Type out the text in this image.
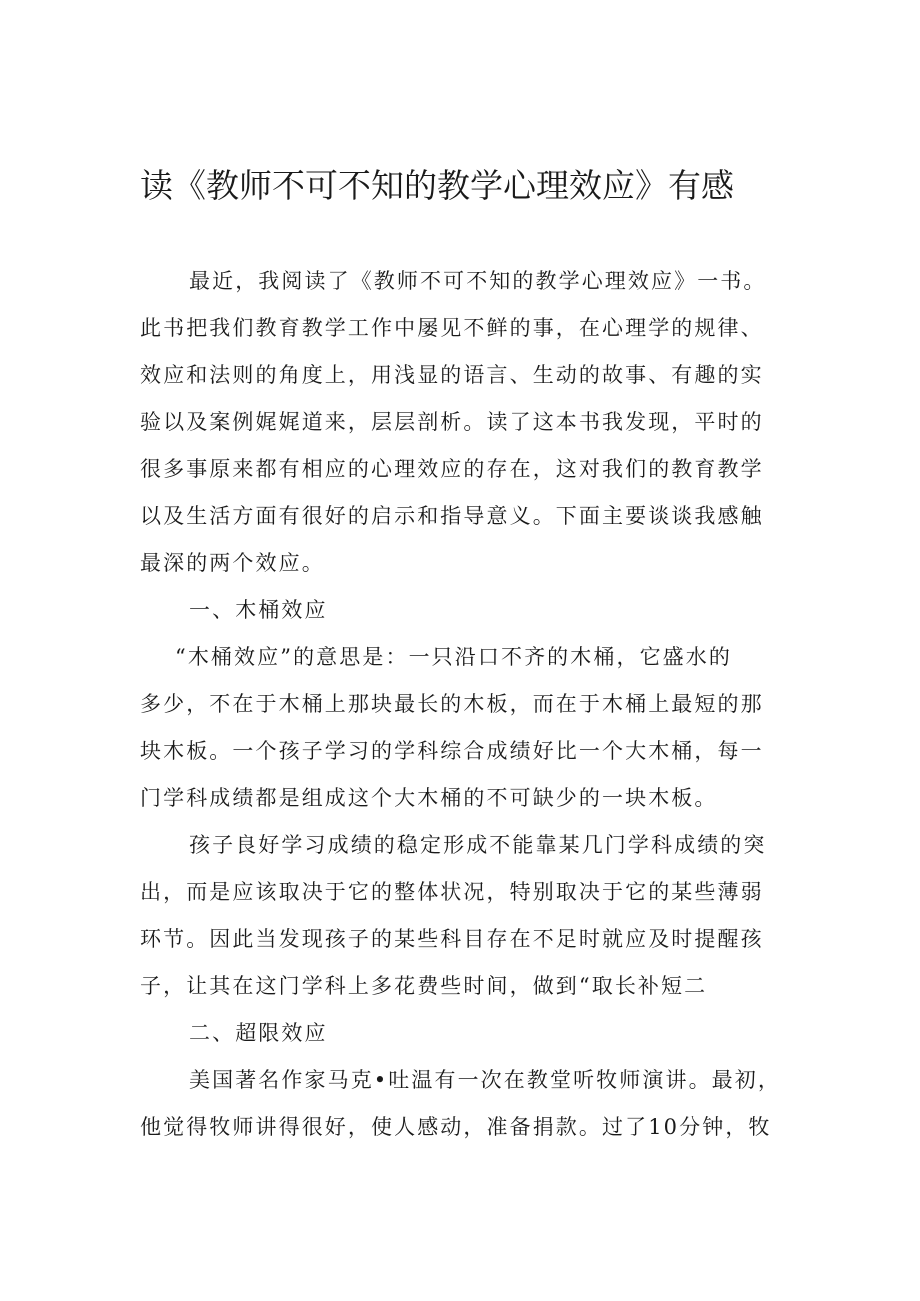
读《教师不可不知的教学心理效应》有感
最近，我阅读了《教师不可不知的教学心理效应》一书。
此书把我们教育教学工作中屡见不鲜的事，在心理学的规律、
效应和法则的角度上，用浅显的语言、生动的故事、有趣的实
验以及案例娓娓道来，层层剖析。读了这本书我发现，平时的
很多事原来都有相应的心理效应的存在，这对我们的教育教学
以及生活方面有很好的启示和指导意义。下面主要谈谈我感触
最深的两个效应。
一、木桶效应
“木桶效应”的意思是：一只沿口不齐的木桶，它盛水的
多少，不在于木桶上那块最长的木板，而在于木桶上最短的那
块木板。一个孩子学习的学科综合成绩好比一个大木桶，每一
门学科成绩都是组成这个大木桶的不可缺少的一块木板。
孩子良好学习成绩的稳定形成不能靠某几门学科成绩的突
出，而是应该取决于它的整体状况，特别取决于它的某些薄弱
环节。因此当发现孩子的某些科目存在不足时就应及时提醒孩
子，让其在这门学科上多花费些时间，做到“取长补短二
二、超限效应
美国著名作家马克•吐温有一次在教堂听牧师演讲。最初，
他觉得牧师讲得很好，使人感动，准备捐款。过了10分钟，牧
